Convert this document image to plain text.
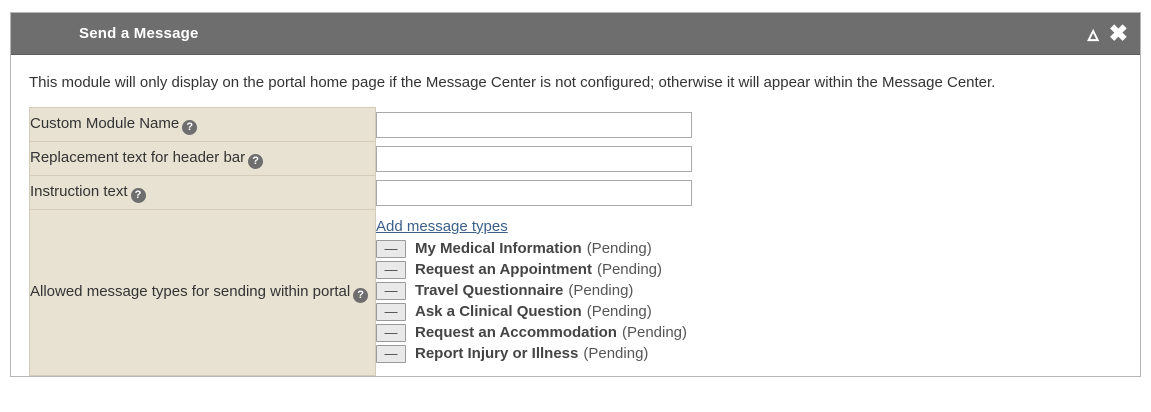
Send a Message	▵ ✖

This module will only display on the portal home page if the Message Center is not configured; otherwise it will appear within the Message Center.

Custom Module Name ?	
Replacement text for header bar ?	
Instruction text ?	
Allowed message types for sending within portal ?	Add message types
—	My Medical Information (Pending)
—	Request an Appointment (Pending)
—	Travel Questionnaire (Pending)
—	Ask a Clinical Question (Pending)
—	Request an Accommodation (Pending)
—	Report Injury or Illness (Pending)
